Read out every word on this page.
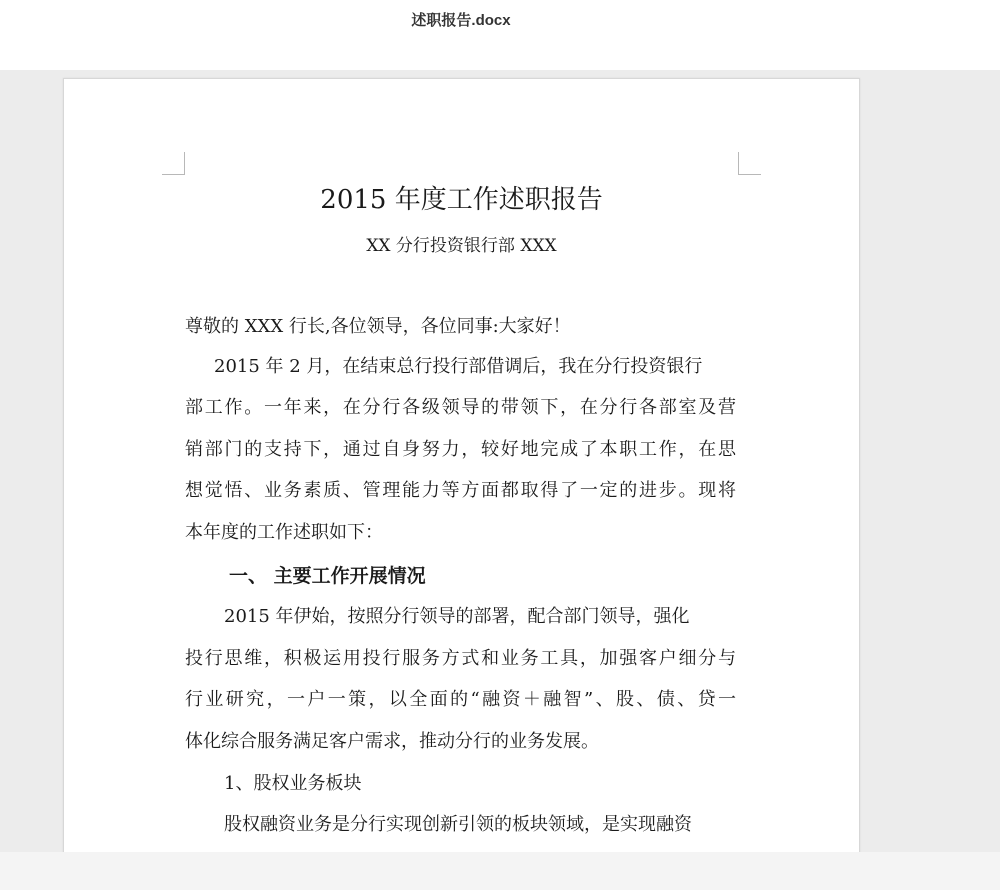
述职报告.docx
2015 年度工作述职报告
XX 分行投资银行部 XXX
尊敬的 XXX 行长,各位领导，各位同事:大家好！
2015 年 2 月，在结束总行投行部借调后，我在分行投资银行
部工作。一年来，在分行各级领导的带领下，在分行各部室及营
销部门的支持下，通过自身努力，较好地完成了本职工作，在思
想觉悟、业务素质、管理能力等方面都取得了一定的进步。现将
本年度的工作述职如下：
一、 主要工作开展情况
2015 年伊始，按照分行领导的部署，配合部门领导，强化
投行思维，积极运用投行服务方式和业务工具，加强客户细分与
行业研究，一户一策，以全面的“融资＋融智”、股、债、贷一
体化综合服务满足客户需求，推动分行的业务发展。
1、股权业务板块
股权融资业务是分行实现创新引领的板块领域，是实现融资
